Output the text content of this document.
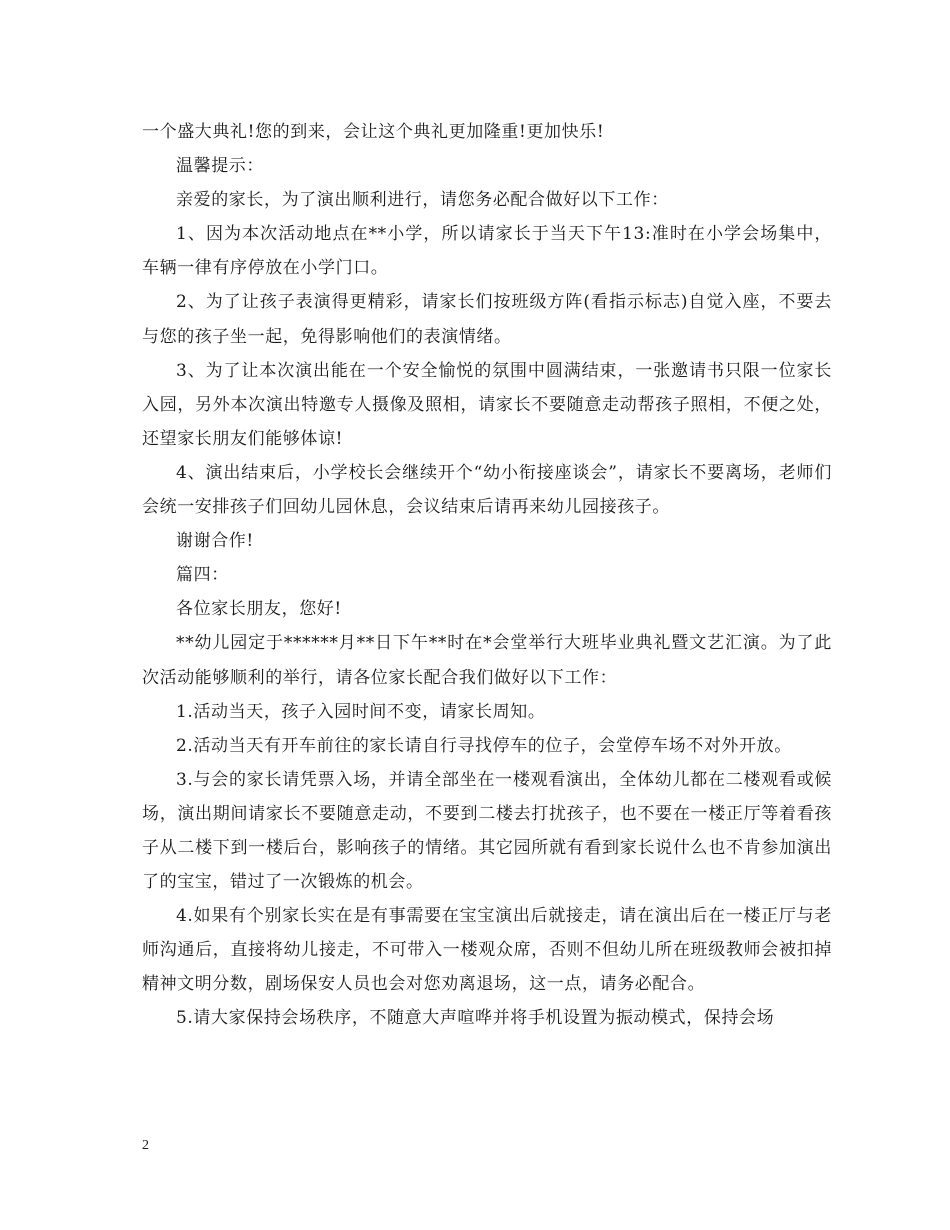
一个盛大典礼!您的到来，会让这个典礼更加隆重!更加快乐!

温馨提示：

亲爱的家长，为了演出顺利进行，请您务必配合做好以下工作：

1、因为本次活动地点在**小学，所以请家长于当天下午13:准时在小学会场集中，车辆一律有序停放在小学门口。

2、为了让孩子表演得更精彩，请家长们按班级方阵(看指示标志)自觉入座，不要去与您的孩子坐一起，免得影响他们的表演情绪。

3、为了让本次演出能在一个安全愉悦的氛围中圆满结束，一张邀请书只限一位家长入园，另外本次演出特邀专人摄像及照相，请家长不要随意走动帮孩子照相，不便之处，还望家长朋友们能够体谅!

4、演出结束后，小学校长会继续开个“幼小衔接座谈会”，请家长不要离场，老师们会统一安排孩子们回幼儿园休息，会议结束后请再来幼儿园接孩子。

谢谢合作!

篇四：

各位家长朋友，您好!

**幼儿园定于******月**日下午**时在*会堂举行大班毕业典礼暨文艺汇演。为了此次活动能够顺利的举行，请各位家长配合我们做好以下工作：

1.活动当天，孩子入园时间不变，请家长周知。

2.活动当天有开车前往的家长请自行寻找停车的位子，会堂停车场不对外开放。

3.与会的家长请凭票入场，并请全部坐在一楼观看演出，全体幼儿都在二楼观看或候场，演出期间请家长不要随意走动，不要到二楼去打扰孩子，也不要在一楼正厅等着看孩子从二楼下到一楼后台，影响孩子的情绪。其它园所就有看到家长说什么也不肯参加演出了的宝宝，错过了一次锻炼的机会。

4.如果有个别家长实在是有事需要在宝宝演出后就接走，请在演出后在一楼正厅与老师沟通后，直接将幼儿接走，不可带入一楼观众席，否则不但幼儿所在班级教师会被扣掉精神文明分数，剧场保安人员也会对您劝离退场，这一点，请务必配合。

5.请大家保持会场秩序，不随意大声喧哗并将手机设置为振动模式，保持会场

2
